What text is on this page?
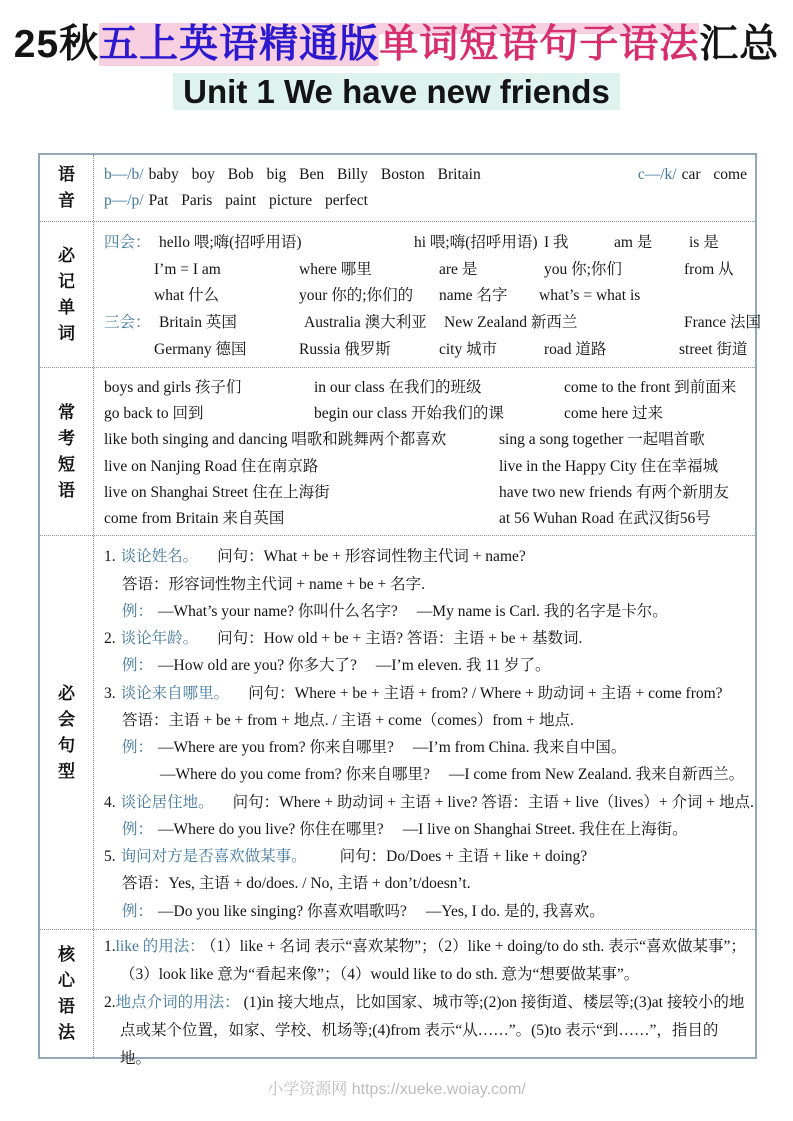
25秋五上英语精通版单词短语句子语法汇总
Unit 1 We have new friends
语音
b—/b/ baby boy Bob big Ben Billy Boston Britain	c—/k/ car come
p—/p/ Pat Paris paint picture perfect
必记单词
四会： hello 喂;嗨(招呼用语)	hi 喂;嗨(招呼用语) I 我	am 是	is 是
I’m = I am	where 哪里	are 是	you 你;你们	from 从
what 什么	your 你的;你们的	name 名字	what’s = what is
三会： Britain 英国	Australia 澳大利亚	New Zealand 新西兰	France 法国
Germany 德国	Russia 俄罗斯	city 城市	road 道路	street 街道
常考短语
boys and girls 孩子们	in our class 在我们的班级	come to the front 到前面来
go back to 回到	begin our class 开始我们的课	come here 过来
like both singing and dancing 唱歌和跳舞两个都喜欢	sing a song together 一起唱首歌
live on Nanjing Road 住在南京路	live in the Happy City 住在幸福城
live on Shanghai Street 住在上海街	have two new friends 有两个新朋友
come from Britain 来自英国	at 56 Wuhan Road 在武汉街56号
必会句型
1. 谈论姓名。 问句：What + be + 形容词性物主代词 + name?
答语：形容词性物主代词 + name + be + 名字.
例： —What’s your name? 你叫什么名字? —My name is Carl. 我的名字是卡尔。
2. 谈论年龄。 问句：How old + be + 主语? 答语：主语 + be + 基数词.
例： —How old are you? 你多大了? —I’m eleven. 我 11 岁了。
3. 谈论来自哪里。 问句：Where + be + 主语 + from? / Where + 助动词 + 主语 + come from?
答语：主语 + be + from + 地点. / 主语 + come（comes）from + 地点.
例： —Where are you from? 你来自哪里? —I’m from China. 我来自中国。
—Where do you come from? 你来自哪里? —I come from New Zealand. 我来自新西兰。
4. 谈论居住地。 问句：Where + 助动词 + 主语 + live? 答语：主语 + live（lives）+ 介词 + 地点.
例： —Where do you live? 你住在哪里? —I live on Shanghai Street. 我住在上海街。
5. 询问对方是否喜欢做某事。 问句：Do/Does + 主语 + like + doing?
答语：Yes, 主语 + do/does. / No, 主语 + don’t/doesn’t.
例： —Do you like singing? 你喜欢唱歌吗? —Yes, I do. 是的, 我喜欢。
核心语法
1.like 的用法： （1）like + 名词 表示“喜欢某物”；（2）like + doing/to do sth. 表示“喜欢做某事”；（3）look like 意为“看起来像”；（4）would like to do sth. 意为“想要做某事”。
2.地点介词的用法： (1)in 接大地点，比如国家、城市等;(2)on 接街道、楼层等;(3)at 接较小的地点或某个位置，如家、学校、机场等;(4)from 表示“从……”。(5)to 表示“到……”，指目的地。
小学资源网 https://xueke.woiay.com/
